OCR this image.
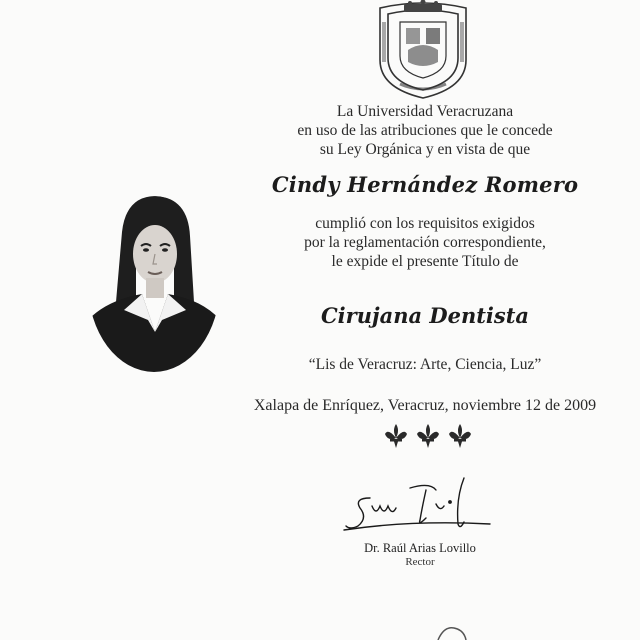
La Universidad Veracruzana
en uso de las atribuciones que le concede
su Ley Orgánica y en vista de que
Cindy Hernández Romero
cumplió con los requisitos exigidos
por la reglamentación correspondiente,
le expide el presente Título de
Cirujana Dentista
“Lis de Veracruz: Arte, Ciencia, Luz”
Xalapa de Enríquez, Veracruz, noviembre 12 de 2009
Dr. Raúl Arias Lovillo
Rector
